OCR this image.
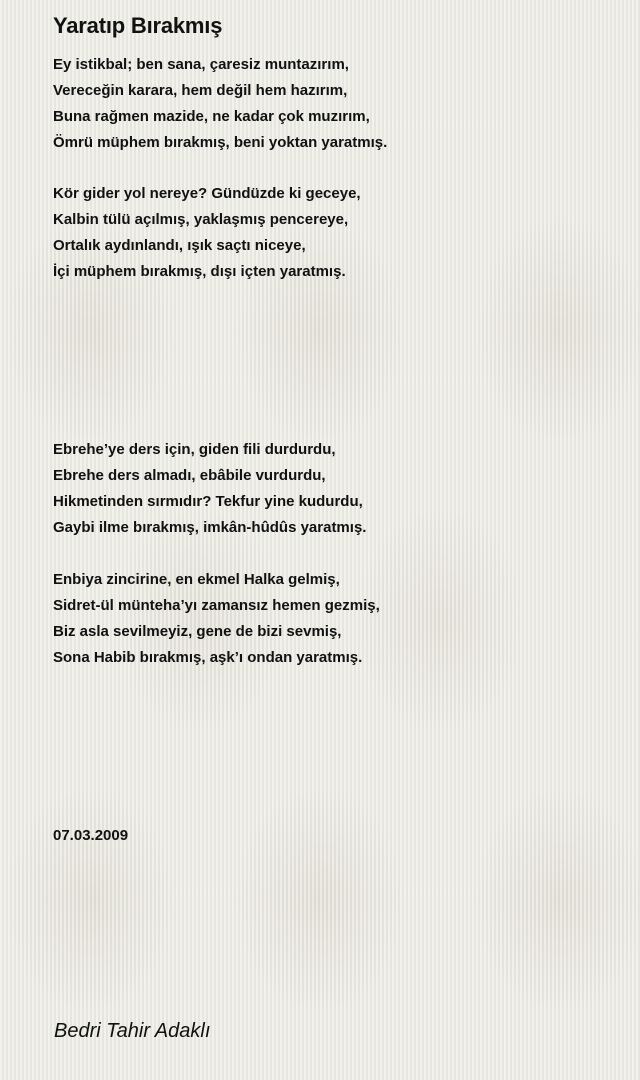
Yaratıp Bırakmış
Ey istikbal; ben sana, çaresiz muntazırım,
Vereceğin karara, hem değil hem hazırım,
Buna rağmen mazide, ne kadar çok muzırım,
Ömrü müphem bırakmış, beni yoktan yaratmış.
Kör gider yol nereye? Gündüzde ki geceye,
Kalbin tülü açılmış, yaklaşmış pencereye,
Ortalık aydınlandı, ışık saçtı niceye,
İçi müphem bırakmış, dışı içten yaratmış.
Ebrehe’ye ders için, giden fili durdurdu,
Ebrehe ders almadı, ebâbile vurdurdu,
Hikmetinden sırmıdır? Tekfur yine kudurdu,
Gaybi ilme bırakmış, imkân-hûdûs yaratmış.
Enbiya zincirine, en ekmel Halka gelmiş,
Sidret-ül münteha’yı zamansız hemen gezmiş,
Biz asla sevilmeyiz, gene de bizi sevmiş,
Sona Habib bırakmış, aşk’ı ondan yaratmış.
07.03.2009
Bedri Tahir Adaklı
